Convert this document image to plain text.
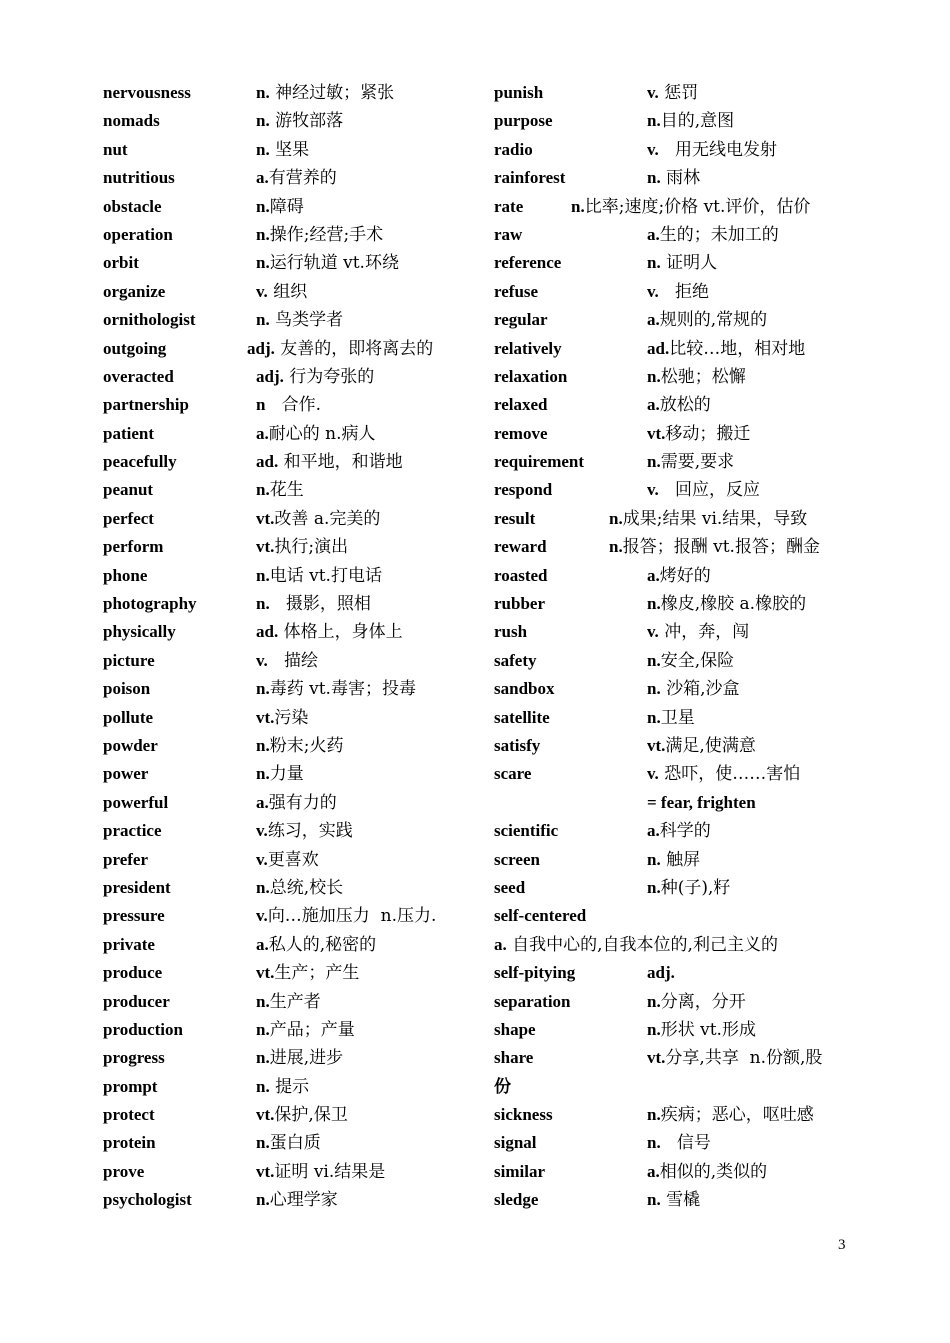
nervousness	n. 神经过敏；紧张
nomads	n. 游牧部落
nut	n. 坚果
nutritious	a.有营养的
obstacle	n.障碍
operation	n.操作;经营;手术
orbit	n.运行轨道 vt.环绕
organize	v. 组织
ornithologist	n. 鸟类学者
outgoing	adj. 友善的，即将离去的
overacted	adj. 行为夸张的
partnership	n   合作.
patient	a.耐心的 n.病人
peacefully	ad. 和平地，和谐地
peanut	n.花生
perfect	vt.改善 a.完美的
perform	vt.执行;演出
phone	n.电话 vt.打电话
photography	n.   摄影，照相
physically	ad. 体格上，身体上
picture	v.   描绘
poison	n.毒药 vt.毒害；投毒
pollute	vt.污染
powder	n.粉末;火药
power	n.力量
powerful	a.强有力的
practice	v.练习，实践
prefer	v.更喜欢
president	n.总统,校长
pressure	v.向…施加压力  n.压力.
private	a.私人的,秘密的
produce	vt.生产；产生
producer	n.生产者
production	n.产品；产量
progress	n.进展,进步
prompt	n. 提示
protect	vt.保护,保卫
protein	n.蛋白质
prove	vt.证明 vi.结果是
psychologist	n.心理学家
punish	v. 惩罚
purpose	n.目的,意图
radio	v.   用无线电发射
rainforest	n. 雨林
rate	n.比率;速度;价格 vt.评价，估价
raw	a.生的；未加工的
reference	n. 证明人
refuse	v.   拒绝
regular	a.规则的,常规的
relatively	ad.比较…地，相对地
relaxation	n.松驰；松懈
relaxed	a.放松的
remove	vt.移动；搬迁
requirement	n.需要,要求
respond	v.   回应，反应
result	n.成果;结果 vi.结果，导致
reward	n.报答；报酬 vt.报答；酬金
roasted	a.烤好的
rubber	n.橡皮,橡胶 a.橡胶的
rush	v. 冲，奔，闯
safety	n.安全,保险
sandbox	n. 沙箱,沙盒
satellite	n.卫星
satisfy	vt.满足,使满意
scare	v. 恐吓，使……害怕
= fear, frighten
scientific	a.科学的
screen	n. 触屏
seed	n.种(子),籽
self-centered
a. 自我中心的,自我本位的,利己主义的
self-pitying	adj.
separation	n.分离，分开
shape	n.形状 vt.形成
share	vt.分享,共享  n.份额,股
份
sickness	n.疾病；恶心，呕吐感
signal	n.   信号
similar	a.相似的,类似的
sledge	n. 雪橇
3
